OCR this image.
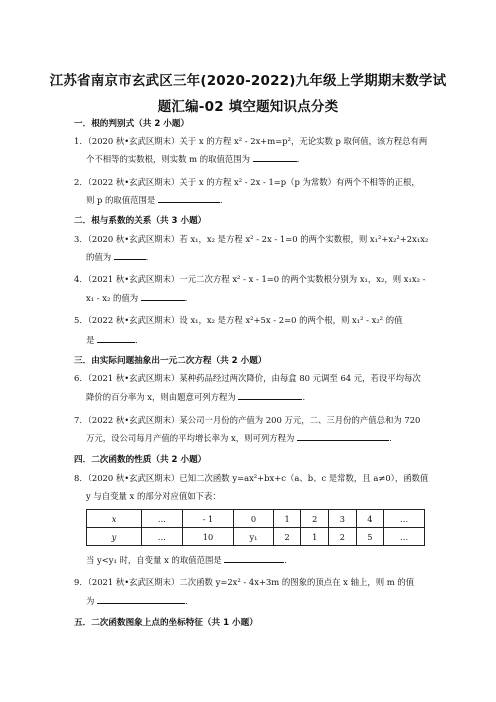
江苏省南京市玄武区三年(2020-2022)九年级上学期期末数学试
题汇编-02 填空题知识点分类
一．根的判别式（共 2 小题）
1．（2020 秋•玄武区期末）关于 x 的方程 x² - 2x+m=p²，无论实数 p 取何值，该方程总有两
个不相等的实数根，则实数 m 的取值范围为	．
2．（2022 秋•玄武区期末）关于 x 的方程 x² - 2x - 1=p（p 为常数）有两个不相等的正根，
则 p 的取值范围是	．
二．根与系数的关系（共 3 小题）
3．（2020 秋•玄武区期末）若 x₁，x₂ 是方程 x² - 2x - 1=0 的两个实数根，则 x₁²+x₂²+2x₁x₂
的值为	．
4．（2021 秋•玄武区期末）一元二次方程 x² - x - 1=0 的两个实数根分别为 x₁，x₂，则 x₁x₂ -
x₁ - x₂ 的值为	．
5．（2022 秋•玄武区期末）设 x₁，x₂ 是方程 x²+5x - 2=0 的两个根，则 x₁² - x₂² 的值
是	．
三．由实际问题抽象出一元二次方程（共 2 小题）
6．（2021 秋•玄武区期末）某种药品经过两次降价，由每盒 80 元调至 64 元，若设平均每次
降价的百分率为 x，则由题意可列方程为	．
7．（2022 秋•玄武区期末）某公司一月份的产值为 200 万元，二、三月份的产值总和为 720
万元，设公司每月产值的平均增长率为 x，则可列方程为	.
四．二次函数的性质（共 2 小题）
8．（2020 秋•玄武区期末）已知二次函数 y=ax²+bx+c（a、b、c 是常数，且 a≠0），函数值
y 与自变量 x 的部分对应值如下表：
x	…	- 1	0	1	2	3	4	…
y	…	10	y₁	2	1	2	5	…
当 y<y₁ 时，自变量 x 的取值范围是	．
9．（2021 秋•玄武区期末）二次函数 y=2x² - 4x+3m 的图象的顶点在 x 轴上，则 m 的值
为	．
五．二次函数图象上点的坐标特征（共 1 小题）
